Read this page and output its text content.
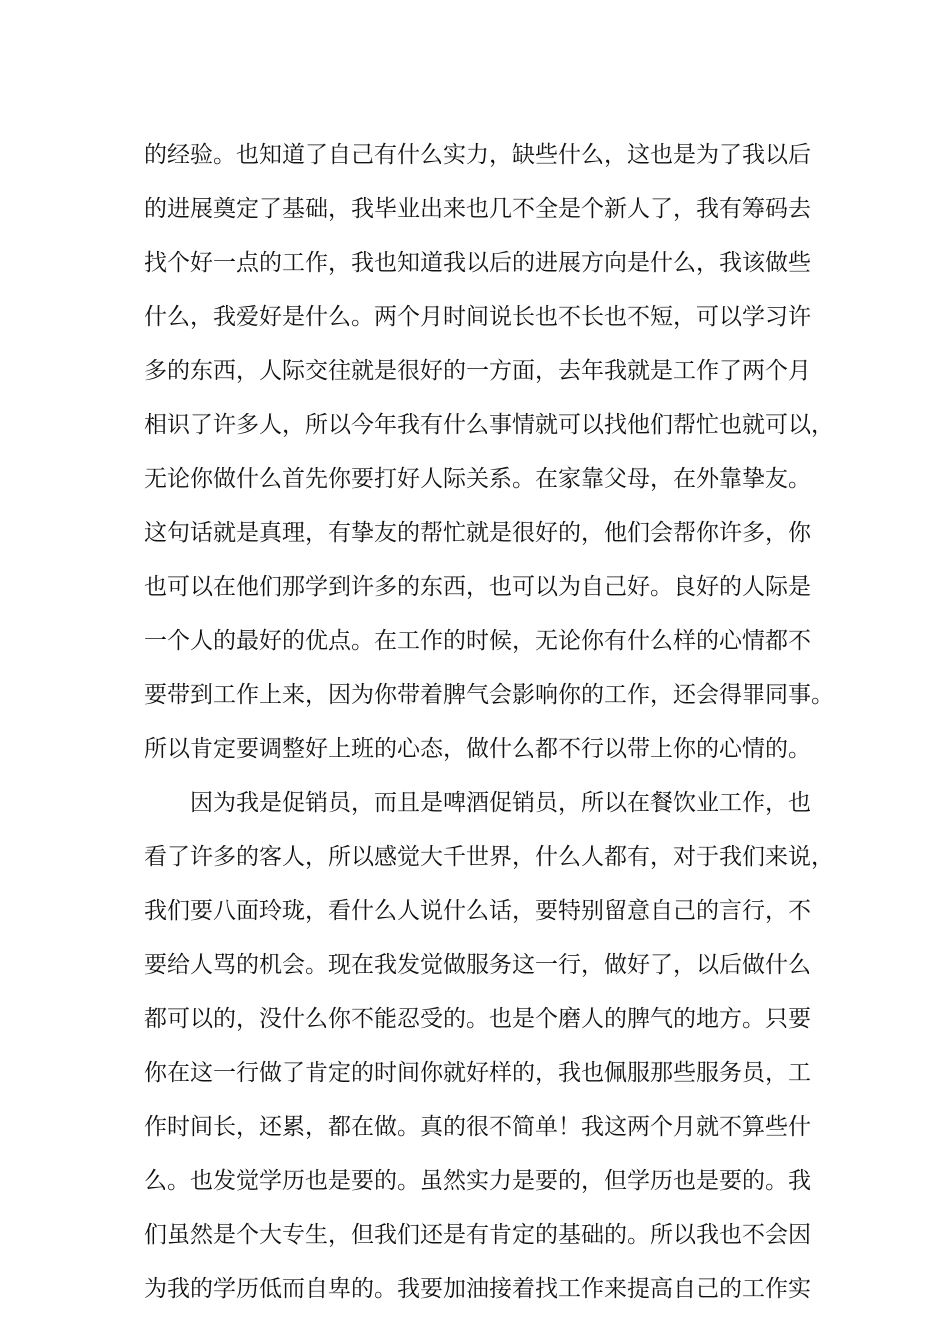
的经验。也知道了自己有什么实力，缺些什么，这也是为了我以后
的进展奠定了基础，我毕业出来也几不全是个新人了，我有筹码去
找个好一点的工作，我也知道我以后的进展方向是什么，我该做些
什么，我爱好是什么。两个月时间说长也不长也不短，可以学习许
多的东西，人际交往就是很好的一方面，去年我就是工作了两个月
相识了许多人，所以今年我有什么事情就可以找他们帮忙也就可以，
无论你做什么首先你要打好人际关系。在家靠父母，在外靠挚友。
这句话就是真理，有挚友的帮忙就是很好的，他们会帮你许多，你
也可以在他们那学到许多的东西，也可以为自己好。良好的人际是
一个人的最好的优点。在工作的时候，无论你有什么样的心情都不
要带到工作上来，因为你带着脾气会影响你的工作，还会得罪同事。
所以肯定要调整好上班的心态，做什么都不行以带上你的心情的。
因为我是促销员，而且是啤酒促销员，所以在餐饮业工作，也
看了许多的客人，所以感觉大千世界，什么人都有，对于我们来说，
我们要八面玲珑，看什么人说什么话，要特别留意自己的言行，不
要给人骂的机会。现在我发觉做服务这一行，做好了，以后做什么
都可以的，没什么你不能忍受的。也是个磨人的脾气的地方。只要
你在这一行做了肯定的时间你就好样的，我也佩服那些服务员，工
作时间长，还累，都在做。真的很不简单！我这两个月就不算些什
么。也发觉学历也是要的。虽然实力是要的，但学历也是要的。我
们虽然是个大专生，但我们还是有肯定的基础的。所以我也不会因
为我的学历低而自卑的。我要加油接着找工作来提高自己的工作实
